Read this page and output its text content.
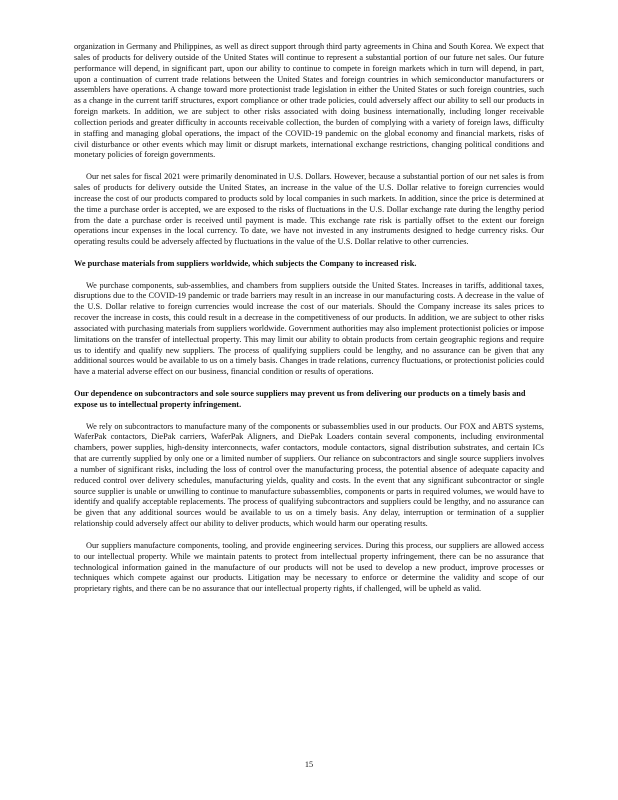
organization in Germany and Philippines, as well as direct support through third party agreements in China and South Korea. We expect that sales of products for delivery outside of the United States will continue to represent a substantial portion of our future net sales. Our future performance will depend, in significant part, upon our ability to continue to compete in foreign markets which in turn will depend, in part, upon a continuation of current trade relations between the United States and foreign countries in which semiconductor manufacturers or assemblers have operations. A change toward more protectionist trade legislation in either the United States or such foreign countries, such as a change in the current tariff structures, export compliance or other trade policies, could adversely affect our ability to sell our products in foreign markets. In addition, we are subject to other risks associated with doing business internationally, including longer receivable collection periods and greater difficulty in accounts receivable collection, the burden of complying with a variety of foreign laws, difficulty in staffing and managing global operations, the impact of the COVID-19 pandemic on the global economy and financial markets, risks of civil disturbance or other events which may limit or disrupt markets, international exchange restrictions, changing political conditions and monetary policies of foreign governments.

Our net sales for fiscal 2021 were primarily denominated in U.S. Dollars. However, because a substantial portion of our net sales is from sales of products for delivery outside the United States, an increase in the value of the U.S. Dollar relative to foreign currencies would increase the cost of our products compared to products sold by local companies in such markets. In addition, since the price is determined at the time a purchase order is accepted, we are exposed to the risks of fluctuations in the U.S. Dollar exchange rate during the lengthy period from the date a purchase order is received until payment is made. This exchange rate risk is partially offset to the extent our foreign operations incur expenses in the local currency. To date, we have not invested in any instruments designed to hedge currency risks. Our operating results could be adversely affected by fluctuations in the value of the U.S. Dollar relative to other currencies.

We purchase materials from suppliers worldwide, which subjects the Company to increased risk.

We purchase components, sub-assemblies, and chambers from suppliers outside the United States. Increases in tariffs, additional taxes, disruptions due to the COVID-19 pandemic or trade barriers may result in an increase in our manufacturing costs. A decrease in the value of the U.S. Dollar relative to foreign currencies would increase the cost of our materials. Should the Company increase its sales prices to recover the increase in costs, this could result in a decrease in the competitiveness of our products. In addition, we are subject to other risks associated with purchasing materials from suppliers worldwide. Government authorities may also implement protectionist policies or impose limitations on the transfer of intellectual property. This may limit our ability to obtain products from certain geographic regions and require us to identify and qualify new suppliers. The process of qualifying suppliers could be lengthy, and no assurance can be given that any additional sources would be available to us on a timely basis. Changes in trade relations, currency fluctuations, or protectionist policies could have a material adverse effect on our business, financial condition or results of operations.

Our dependence on subcontractors and sole source suppliers may prevent us from delivering our products on a timely basis and expose us to intellectual property infringement.

We rely on subcontractors to manufacture many of the components or subassemblies used in our products. Our FOX and ABTS systems, WaferPak contactors, DiePak carriers, WaferPak Aligners, and DiePak Loaders contain several components, including environmental chambers, power supplies, high-density interconnects, wafer contactors, module contactors, signal distribution substrates, and certain ICs that are currently supplied by only one or a limited number of suppliers. Our reliance on subcontractors and single source suppliers involves a number of significant risks, including the loss of control over the manufacturing process, the potential absence of adequate capacity and reduced control over delivery schedules, manufacturing yields, quality and costs. In the event that any significant subcontractor or single source supplier is unable or unwilling to continue to manufacture subassemblies, components or parts in required volumes, we would have to identify and qualify acceptable replacements. The process of qualifying subcontractors and suppliers could be lengthy, and no assurance can be given that any additional sources would be available to us on a timely basis. Any delay, interruption or termination of a supplier relationship could adversely affect our ability to deliver products, which would harm our operating results.

Our suppliers manufacture components, tooling, and provide engineering services. During this process, our suppliers are allowed access to our intellectual property. While we maintain patents to protect from intellectual property infringement, there can be no assurance that technological information gained in the manufacture of our products will not be used to develop a new product, improve processes or techniques which compete against our products. Litigation may be necessary to enforce or determine the validity and scope of our proprietary rights, and there can be no assurance that our intellectual property rights, if challenged, will be upheld as valid.

15
